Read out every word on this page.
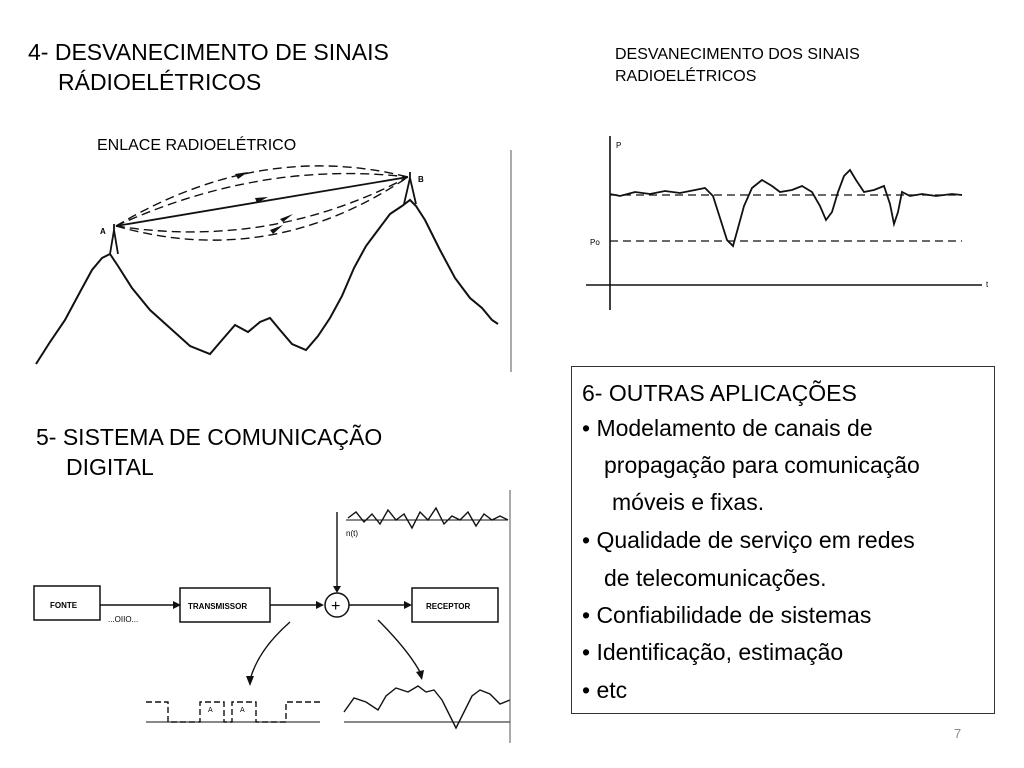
4- DESVANECIMENTO DE SINAIS
RÁDIOELÉTRICOS
ENLACE RADIOELÉTRICO
A
B
DESVANECIMENTO DOS SINAIS
RADIOELÉTRICOS
P
Po
t
5- SISTEMA DE COMUNICAÇÃO
DIGITAL
FONTE
...OIIO...
TRANSMISSOR	+
n(t)
RECEPTOR
A	A
6- OUTRAS APLICAÇÕES
• Modelamento de canais de
propagação para comunicação
móveis e fixas.
• Qualidade de serviço em redes
de telecomunicações.
• Confiabilidade de sistemas
• Identificação, estimação
• etc
7
